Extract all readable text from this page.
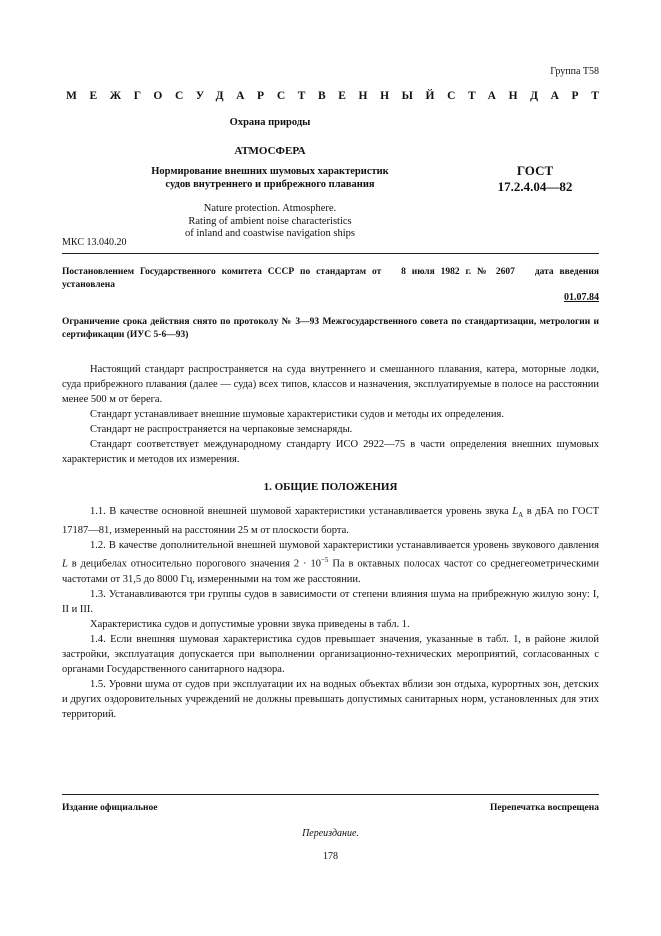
Группа Т58
МЕЖГОСУДАРСТВЕННЫЙ СТАНДАРТ
Охрана природы
АТМОСФЕРА
Нормирование внешних шумовых характеристик
судов внутреннего и прибрежного плавания
ГОСТ
17.2.4.04—82
Nature protection. Atmosphere.
Rating of ambient noise characteristics
of inland and coastwise navigation ships
МКС 13.040.20
Постановлением Государственного комитета СССР по стандартам от 8 июля 1982 г. № 2607 дата введения установлена
01.07.84
Ограничение срока действия снято по протоколу № 3—93 Межгосударственного совета по стандартизации, метрологии и сертификации (ИУС 5-6—93)

Настоящий стандарт распространяется на суда внутреннего и смешанного плавания, катера, моторные лодки, суда прибрежного плавания (далее — суда) всех типов, классов и назначения, эксплуатируемые в полосе на расстоянии менее 500 м от берега.

Стандарт устанавливает внешние шумовые характеристики судов и методы их определения.

Стандарт не распространяется на черпаковые земснаряды.

Стандарт соответствует международному стандарту ИСО 2922—75 в части определения внешних шумовых характеристик и методов их измерения.

1. ОБЩИЕ ПОЛОЖЕНИЯ

1.1. В качестве основной внешней шумовой характеристики устанавливается уровень звука $L_A$ в дБА по ГОСТ 17187—81, измеренный на расстоянии 25 м от плоскости борта.

1.2. В качестве дополнительной внешней шумовой характеристики устанавливается уровень звукового давления L в децибелах относительно порогового значения $2 \cdot 10^{-5}$ Па в октавных полосах частот со среднегеометрическими частотами от 31,5 до 8000 Гц, измеренными на том же расстоянии.

1.3. Устанавливаются три группы судов в зависимости от степени влияния шума на прибрежную жилую зону: I, II и III.

Характеристика судов и допустимые уровни звука приведены в табл. 1.

1.4. Если внешняя шумовая характеристика судов превышает значения, указанные в табл. 1, в районе жилой застройки, эксплуатация допускается при выполнении организационно-технических мероприятий, согласованных с органами Государственного санитарного надзора.

1.5. Уровни шума от судов при эксплуатации их на водных объектах вблизи зон отдыха, курортных зон, детских и других оздоровительных учреждений не должны превышать допустимых санитарных норм, установленных для этих территорий.

Издание официальное	Перепечатка воспрещена
Переиздание.
178
